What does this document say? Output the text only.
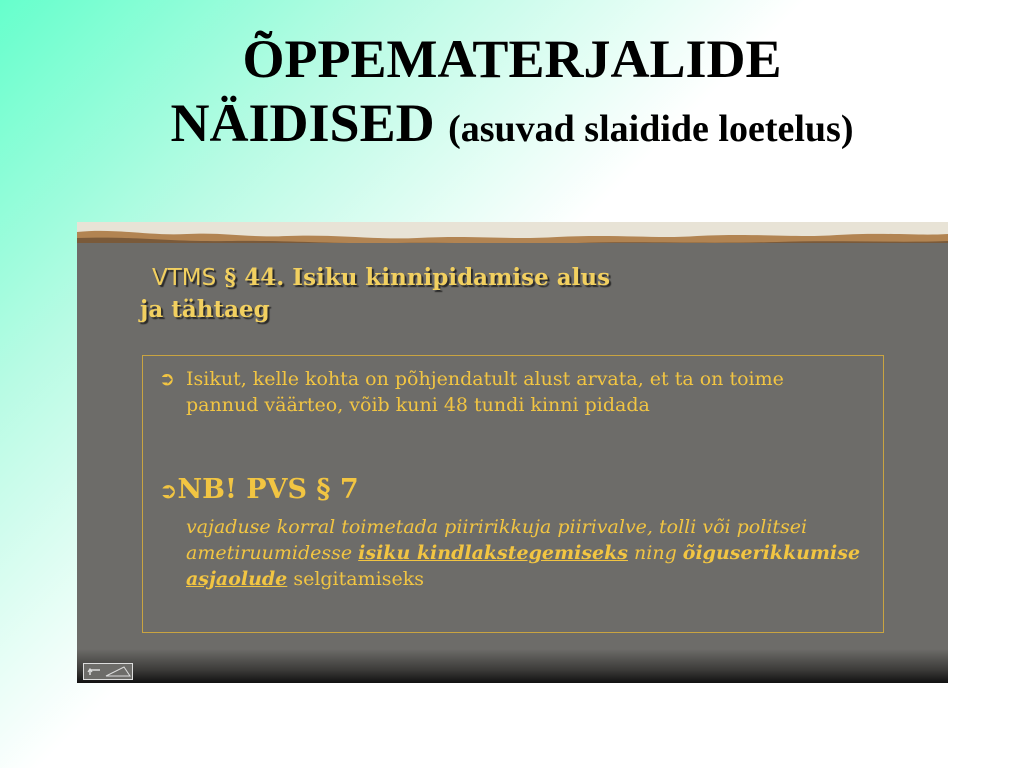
ÕPPEMATERJALIDE
NÄIDISED (asuvad slaidide loetelus)
VTMS § 44. Isiku kinnipidamise alus
ja tähtaeg
➲ Isikut, kelle kohta on põhjendatult alust arvata, et ta on toime pannud väärteo, võib kuni 48 tundi kinni pidada
➲NB! PVS § 7
vajaduse korral toimetada piiririkkuja piirivalve, tolli või politsei ametiruumidesse isiku kindlakstegemiseks ning õiguserikkumise asjaolude selgitamiseks
